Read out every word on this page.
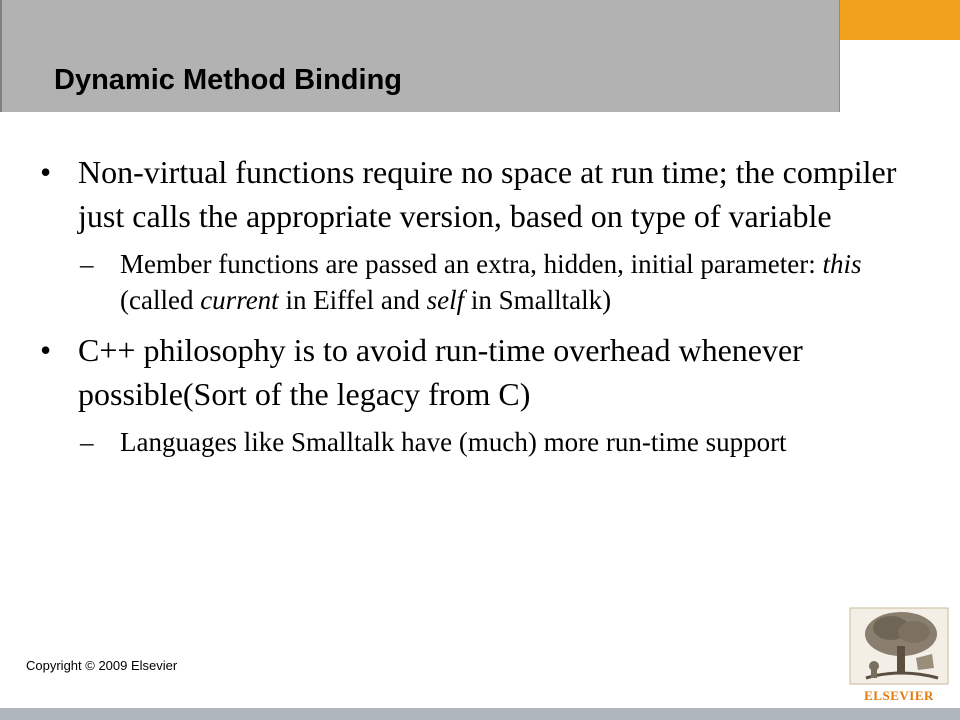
Dynamic Method Binding
• Non-virtual functions require no space at run time; the compiler just calls the appropriate version, based on type of variable
– Member functions are passed an extra, hidden, initial parameter: this (called current in Eiffel and self in Smalltalk)
• C++ philosophy is to avoid run-time overhead whenever possible(Sort of the legacy from C)
– Languages like Smalltalk have (much) more run-time support
Copyright © 2009 Elsevier
ELSEVIER
